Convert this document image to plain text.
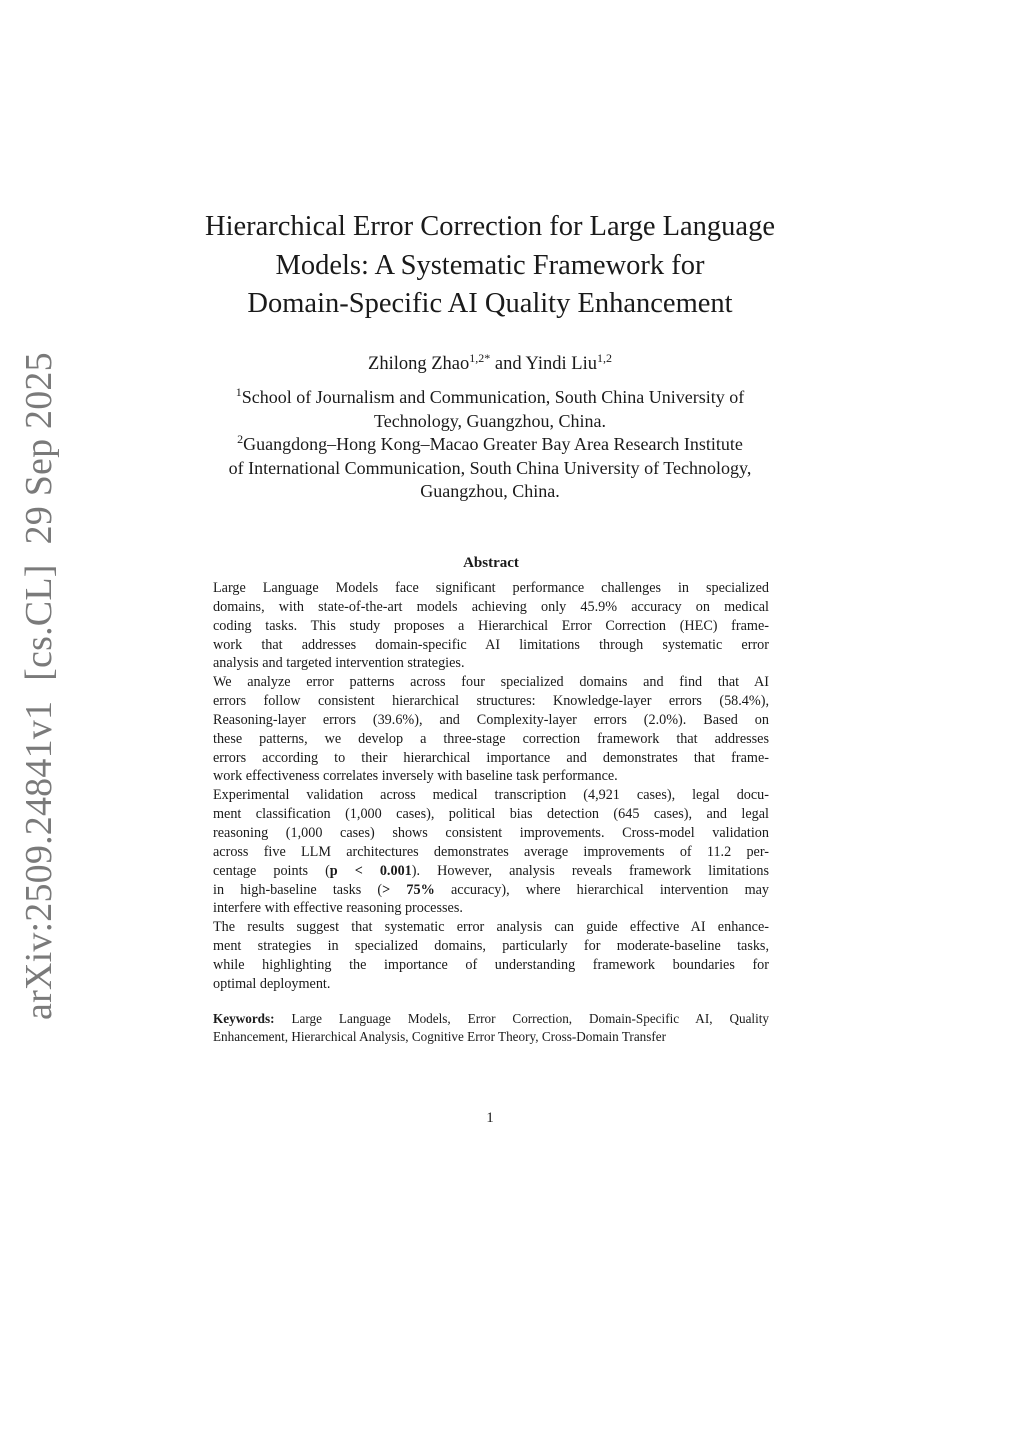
arXiv:2509.24841v1[cs.CL]29 Sep 2025
Hierarchical Error Correction for Large Language
Models: A Systematic Framework for
Domain-Specific AI Quality Enhancement
Zhilong Zhao$^{1,2*}$ and Yindi Liu$^{1,2}$
$^1$School of Journalism and Communication, South China University of
Technology, Guangzhou, China.
$^2$Guangdong–Hong Kong–Macao Greater Bay Area Research Institute
of International Communication, South China University of Technology,
Guangzhou, China.
Abstract
Large Language Models face significant performance challenges in specialized
domains, with state-of-the-art models achieving only 45.9% accuracy on medical
coding tasks. This study proposes a Hierarchical Error Correction (HEC) frame-
work that addresses domain-specific AI limitations through systematic error
analysis and targeted intervention strategies.
We analyze error patterns across four specialized domains and find that AI
errors follow consistent hierarchical structures: Knowledge-layer errors (58.4%),
Reasoning-layer errors (39.6%), and Complexity-layer errors (2.0%). Based on
these patterns, we develop a three-stage correction framework that addresses
errors according to their hierarchical importance and demonstrates that frame-
work effectiveness correlates inversely with baseline task performance.
Experimental validation across medical transcription (4,921 cases), legal docu-
ment classification (1,000 cases), political bias detection (645 cases), and legal
reasoning (1,000 cases) shows consistent improvements. Cross-model validation
across five LLM architectures demonstrates average improvements of 11.2 per-
centage points (p < 0.001). However, analysis reveals framework limitations
in high-baseline tasks (> 75% accuracy), where hierarchical intervention may
interfere with effective reasoning processes.
The results suggest that systematic error analysis can guide effective AI enhance-
ment strategies in specialized domains, particularly for moderate-baseline tasks,
while highlighting the importance of understanding framework boundaries for
optimal deployment.
Keywords: Large Language Models, Error Correction, Domain-Specific AI, Quality
Enhancement, Hierarchical Analysis, Cognitive Error Theory, Cross-Domain Transfer
1
